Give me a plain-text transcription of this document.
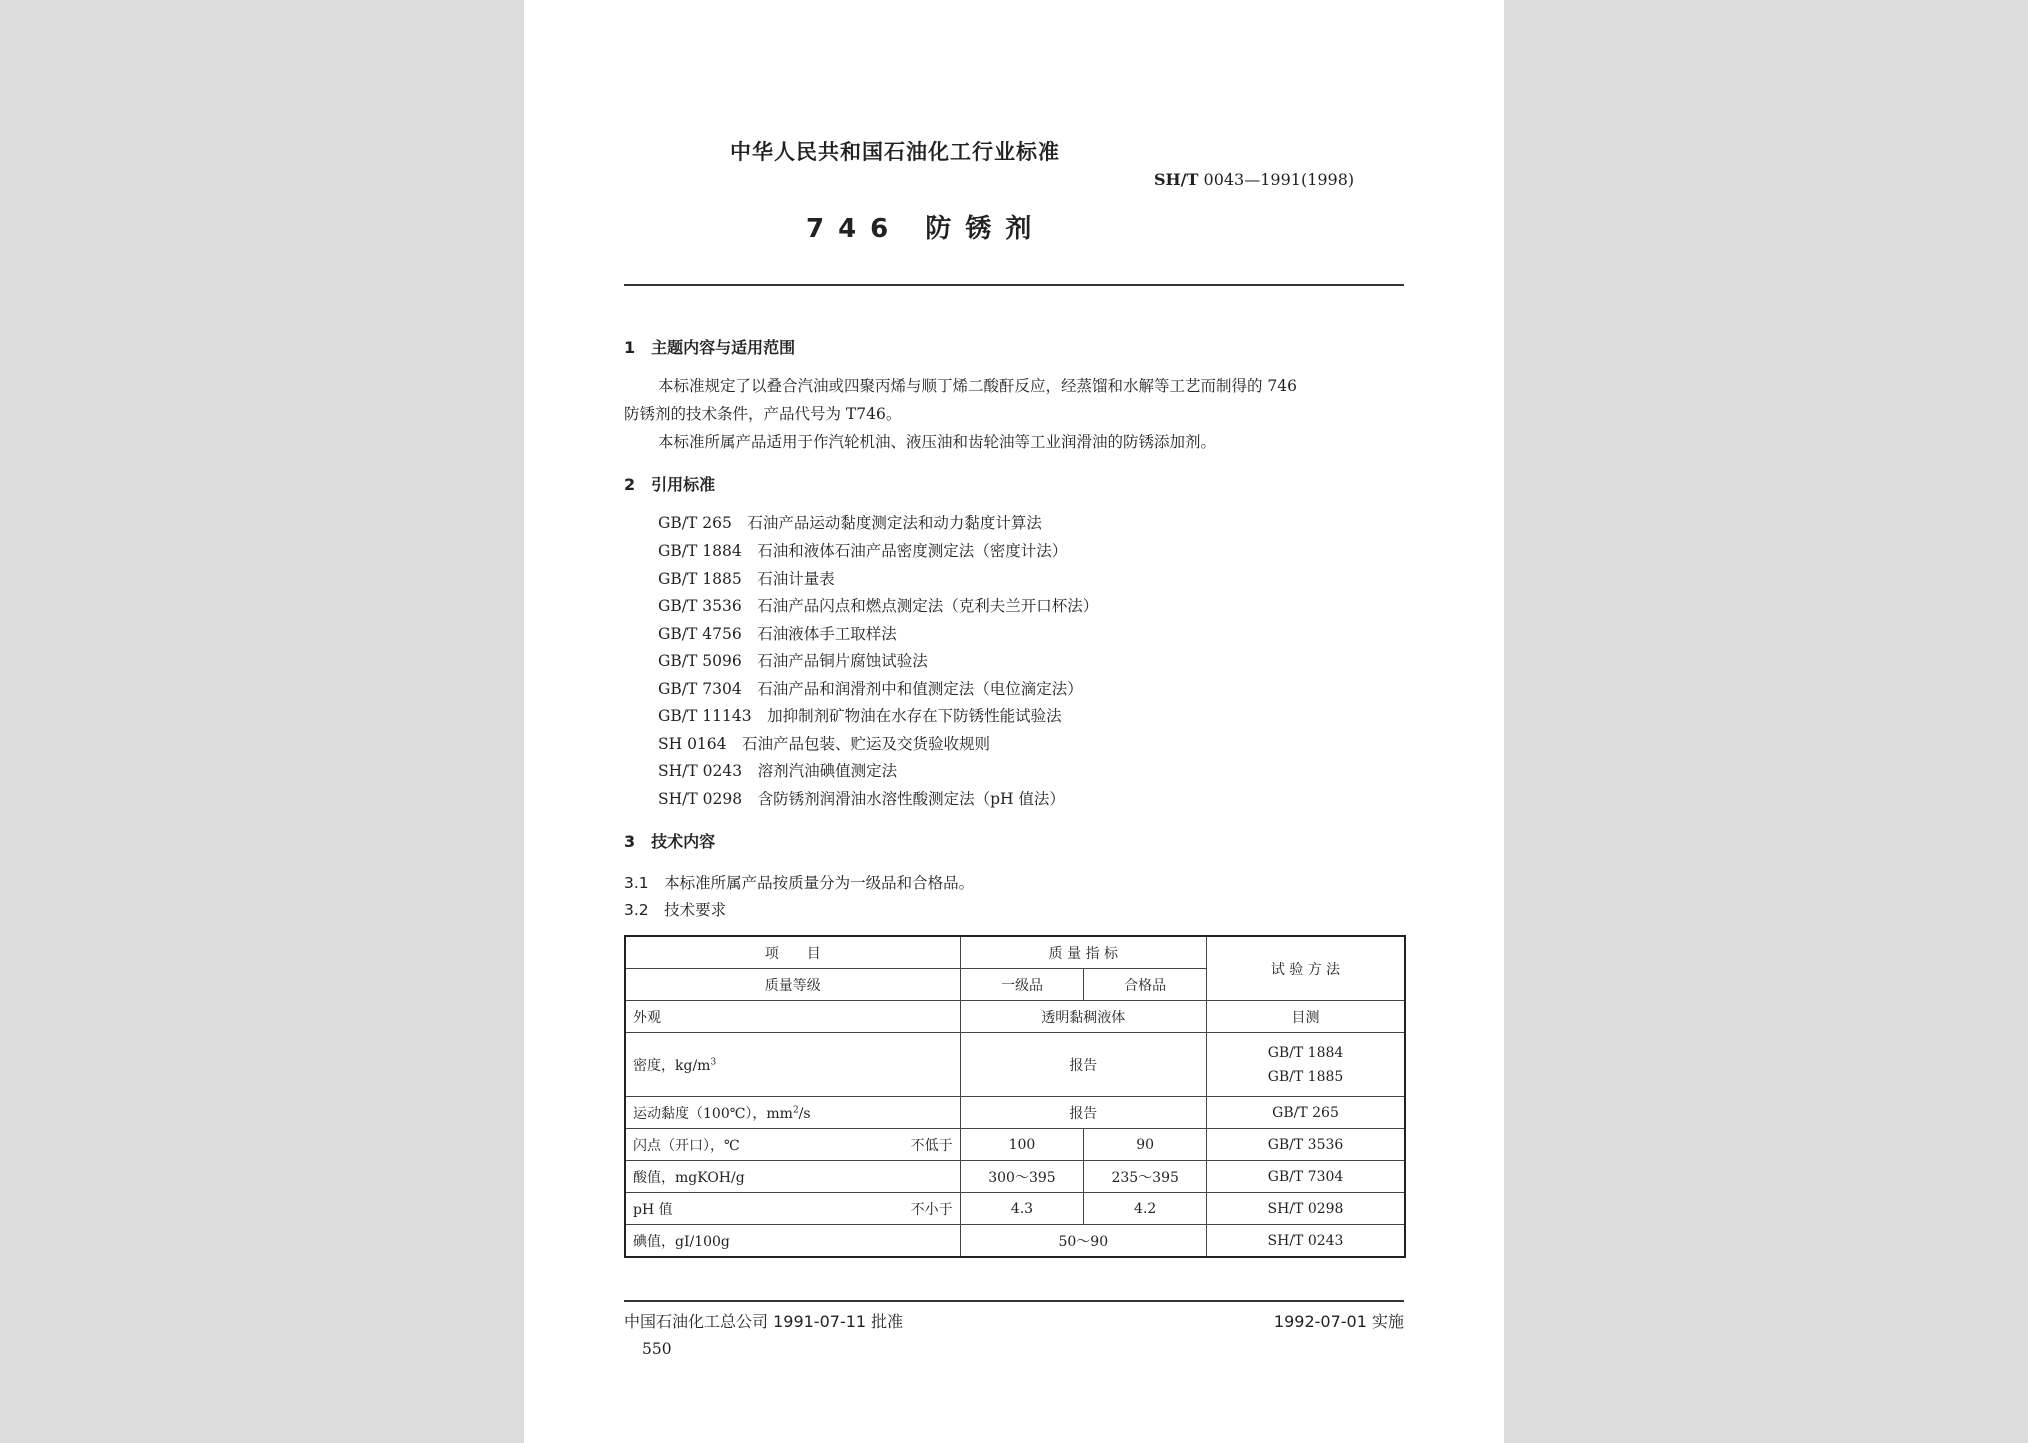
中华人民共和国石油化工行业标准
SH/T 0043—1991(1998)
746 防锈剂
1　主题内容与适用范围
本标准规定了以叠合汽油或四聚丙烯与顺丁烯二酸酐反应，经蒸馏和水解等工艺而制得的 746
防锈剂的技术条件，产品代号为 T746。
本标准所属产品适用于作汽轮机油、液压油和齿轮油等工业润滑油的防锈添加剂。
2　引用标准
GB/T 265　石油产品运动黏度测定法和动力黏度计算法
GB/T 1884　石油和液体石油产品密度测定法（密度计法）
GB/T 1885　石油计量表
GB/T 3536　石油产品闪点和燃点测定法（克利夫兰开口杯法）
GB/T 4756　石油液体手工取样法
GB/T 5096　石油产品铜片腐蚀试验法
GB/T 7304　石油产品和润滑剂中和值测定法（电位滴定法）
GB/T 11143　加抑制剂矿物油在水存在下防锈性能试验法
SH 0164　石油产品包装、贮运及交货验收规则
SH/T 0243　溶剂汽油碘值测定法
SH/T 0298　含防锈剂润滑油水溶性酸测定法（pH 值法）
3　技术内容
3.1　本标准所属产品按质量分为一级品和合格品。
3.2　技术要求
项　　目	质 量 指 标		试 验 方 法
质量等级	一级品	合格品	
外观	透明黏稠液体		目测
密度，$kg/m^3$	报告		GB/T 1884
GB/T 1885

运动黏度（100℃），$mm^2/s$	报告		GB/T 265

闪点（开口），℃ 不低于	100	90	GB/T 3536
酸值，mgKOH/g	300～395	235～395	GB/T 7304

pH 值 不小于	4.3	4.2	SH/T 0298
碘值，gI/100g	50～90		SH/T 0243
中国石油化工总公司 1991-07-11 批准	1992-07-01 实施
550
